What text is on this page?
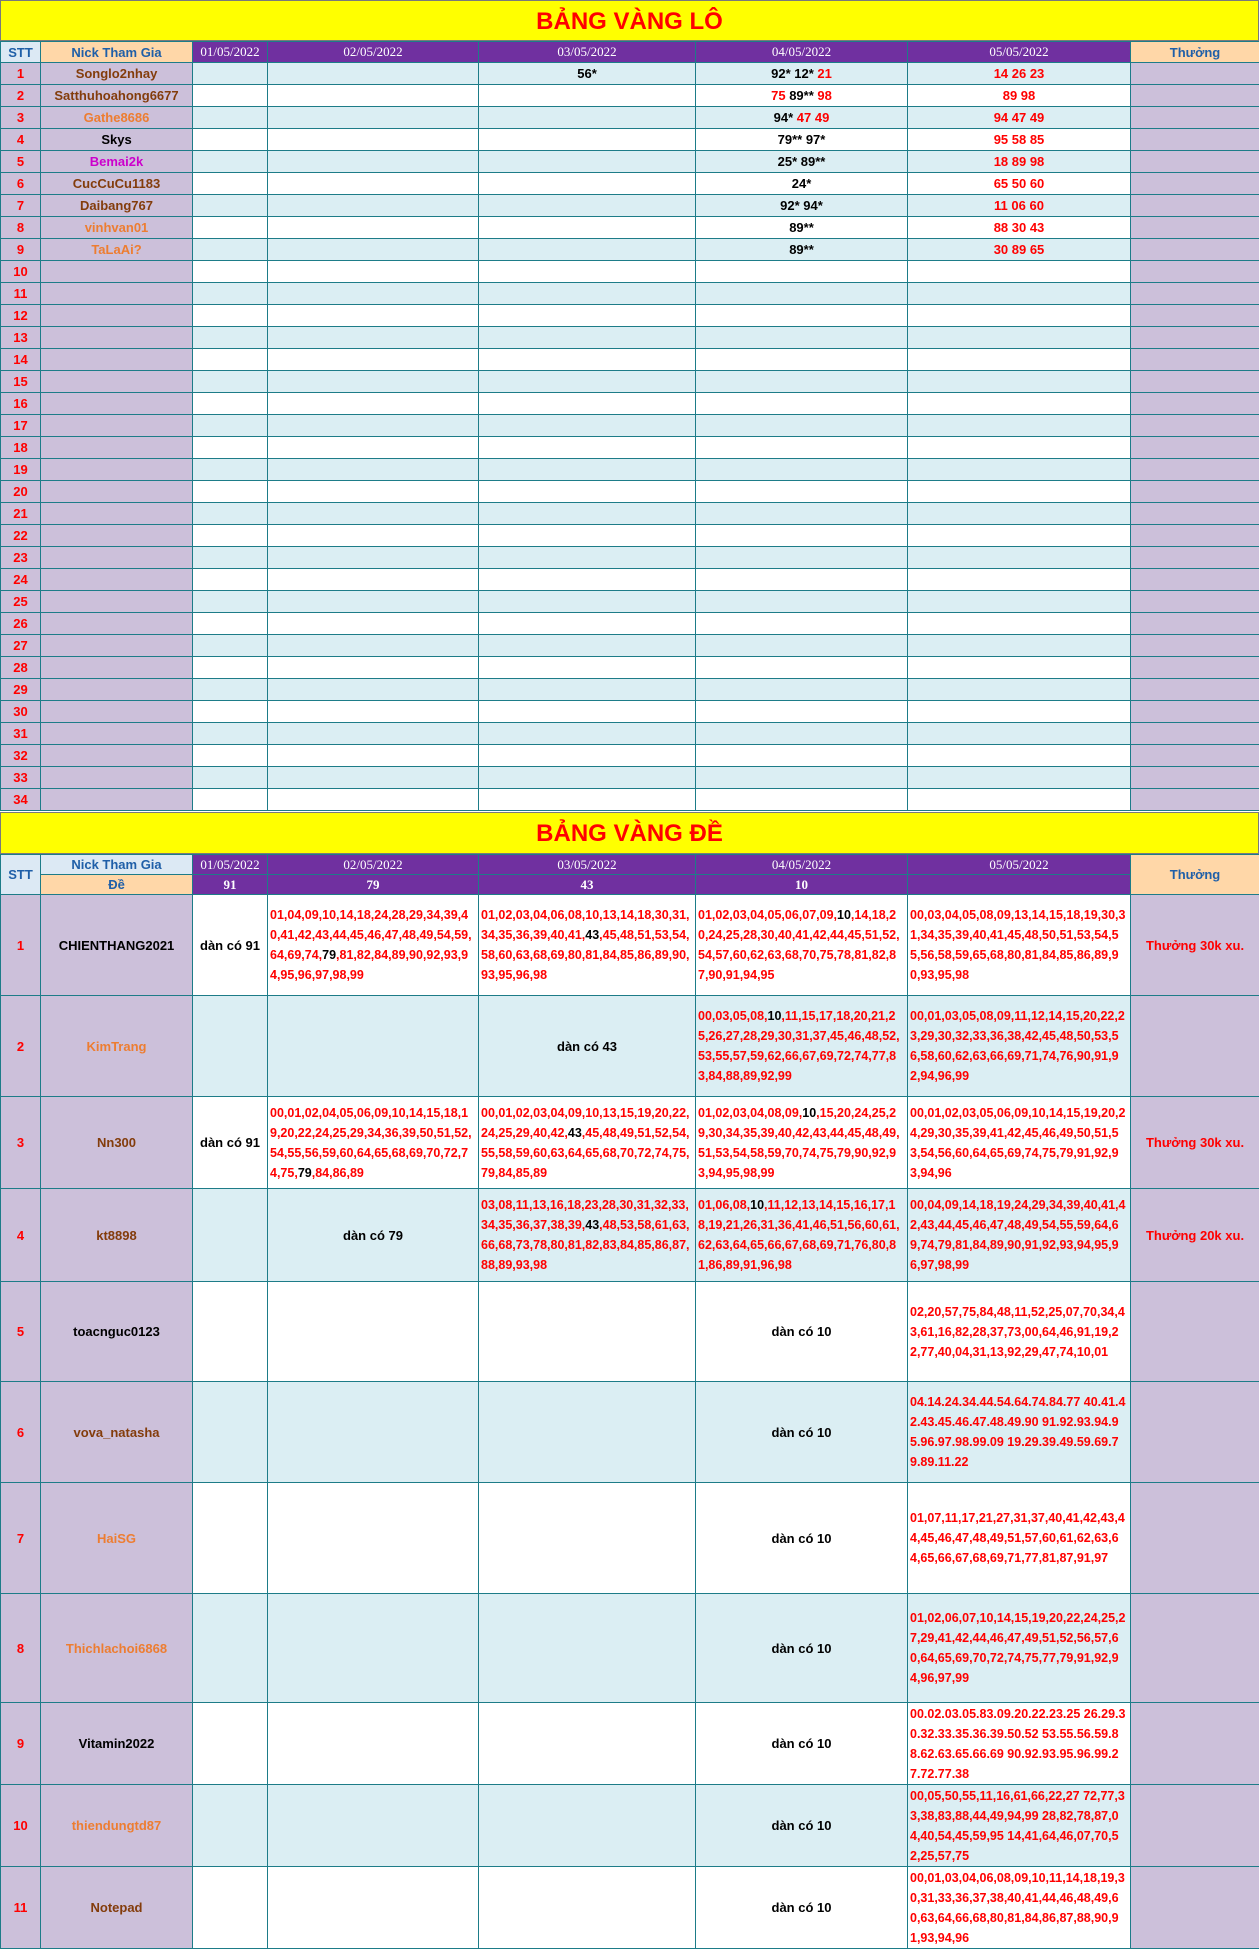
BẢNG VÀNG LÔ
STT	Nick Tham Gia	01/05/2022	02/05/2022	03/05/2022	04/05/2022	05/05/2022	Thưởng
1	Songlo2nhay			56*	92* 12* 21	14 26 23	
2	Satthuhoahong6677				75 89** 98	89 98	
3	Gathe8686				94* 47 49	94 47 49	
4	Skys				79** 97*	95 58 85	
5	Bemai2k				25* 89**	18 89 98	
6	CucCuCu1183				24*	65 50 60	
7	Daibang767				92* 94*	11 06 60	
8	vinhvan01				89**	88 30 43	
9	TaLaAi?				89**	30 89 65	
10							
11							
12							
13							
14							
15							
16							
17							
18							
19							
20							
21							
22							
23							
24							
25							
26							
27							
28							
29							
30							
31							
32							
33							
34							
BẢNG VÀNG ĐỀ
STT	Nick Tham Gia	01/05/2022	02/05/2022	03/05/2022	04/05/2022	05/05/2022	Thưởng
	Đề	91	79	43	10		
1	CHIENTHANG2021	dàn có 91	01,04,09,10,14,18,24,28,29,34,39,40,41,42,43,44,45,46,47,48,49,54,59,64,69,74,79,81,82,84,89,90,92,93,94,95,96,97,98,99	01,02,03,04,06,08,10,13,14,18,30,31,34,35,36,39,40,41,43,45,48,51,53,54,58,60,63,68,69,80,81,84,85,86,89,90,93,95,96,98	01,02,03,04,05,06,07,09,10,14,18,20,24,25,28,30,40,41,42,44,45,51,52,54,57,60,62,63,68,70,75,78,81,82,87,90,91,94,95	00,03,04,05,08,09,13,14,15,18,19,30,31,34,35,39,40,41,45,48,50,51,53,54,55,56,58,59,65,68,80,81,84,85,86,89,90,93,95,98	Thưởng 30k xu.
2	KimTrang			dàn có 43	00,03,05,08,10,11,15,17,18,20,21,25,26,27,28,29,30,31,37,45,46,48,52,53,55,57,59,62,66,67,69,72,74,77,83,84,88,89,92,99	00,01,03,05,08,09,11,12,14,15,20,22,23,29,30,32,33,36,38,42,45,48,50,53,56,58,60,62,63,66,69,71,74,76,90,91,92,94,96,99	
3	Nn300	dàn có 91	00,01,02,04,05,06,09,10,14,15,18,19,20,22,24,25,29,34,36,39,50,51,52,54,55,56,59,60,64,65,68,69,70,72,74,75,79,84,86,89	00,01,02,03,04,09,10,13,15,19,20,22,24,25,29,40,42,43,45,48,49,51,52,54,55,58,59,60,63,64,65,68,70,72,74,75,79,84,85,89	01,02,03,04,08,09,10,15,20,24,25,29,30,34,35,39,40,42,43,44,45,48,49,51,53,54,58,59,70,74,75,79,90,92,93,94,95,98,99	00,01,02,03,05,06,09,10,14,15,19,20,24,29,30,35,39,41,42,45,46,49,50,51,53,54,56,60,64,65,69,74,75,79,91,92,93,94,96	Thưởng 30k xu.
4	kt8898		dàn có 79	03,08,11,13,16,18,23,28,30,31,32,33,34,35,36,37,38,39,43,48,53,58,61,63,66,68,73,78,80,81,82,83,84,85,86,87,88,89,93,98	01,06,08,10,11,12,13,14,15,16,17,18,19,21,26,31,36,41,46,51,56,60,61,62,63,64,65,66,67,68,69,71,76,80,81,86,89,91,96,98	00,04,09,14,18,19,24,29,34,39,40,41,42,43,44,45,46,47,48,49,54,55,59,64,69,74,79,81,84,89,90,91,92,93,94,95,96,97,98,99	Thưởng 20k xu.
5	toacnguc0123				dàn có 10	02,20,57,75,84,48,11,52,25,07,70,34,43,61,16,82,28,37,73,00,64,46,91,19,22,77,40,04,31,13,92,29,47,74,10,01	
6	vova_natasha				dàn có 10	04.14.24.34.44.54.64.74.84.77 40.41.42.43.45.46.47.48.49.90 91.92.93.94.95.96.97.98.99.09 19.29.39.49.59.69.79.89.11.22	
7	HaiSG				dàn có 10	01,07,11,17,21,27,31,37,40,41,42,43,44,45,46,47,48,49,51,57,60,61,62,63,64,65,66,67,68,69,71,77,81,87,91,97	
8	Thichlachoi6868				dàn có 10	01,02,06,07,10,14,15,19,20,22,24,25,27,29,41,42,44,46,47,49,51,52,56,57,60,64,65,69,70,72,74,75,77,79,91,92,94,96,97,99	
9	Vitamin2022				dàn có 10	00.02.03.05.83.09.20.22.23.25 26.29.30.32.33.35.36.39.50.52 53.55.56.59.88.62.63.65.66.69 90.92.93.95.96.99.27.72.77.38	
10	thiendungtd87				dàn có 10	00,05,50,55,11,16,61,66,22,27 72,77,33,38,83,88,44,49,94,99 28,82,78,87,04,40,54,45,59,95 14,41,64,46,07,70,52,25,57,75	
11	Notepad				dàn có 10	00,01,03,04,06,08,09,10,11,14,18,19,30,31,33,36,37,38,40,41,44,46,48,49,60,63,64,66,68,80,81,84,86,87,88,90,91,93,94,96	
